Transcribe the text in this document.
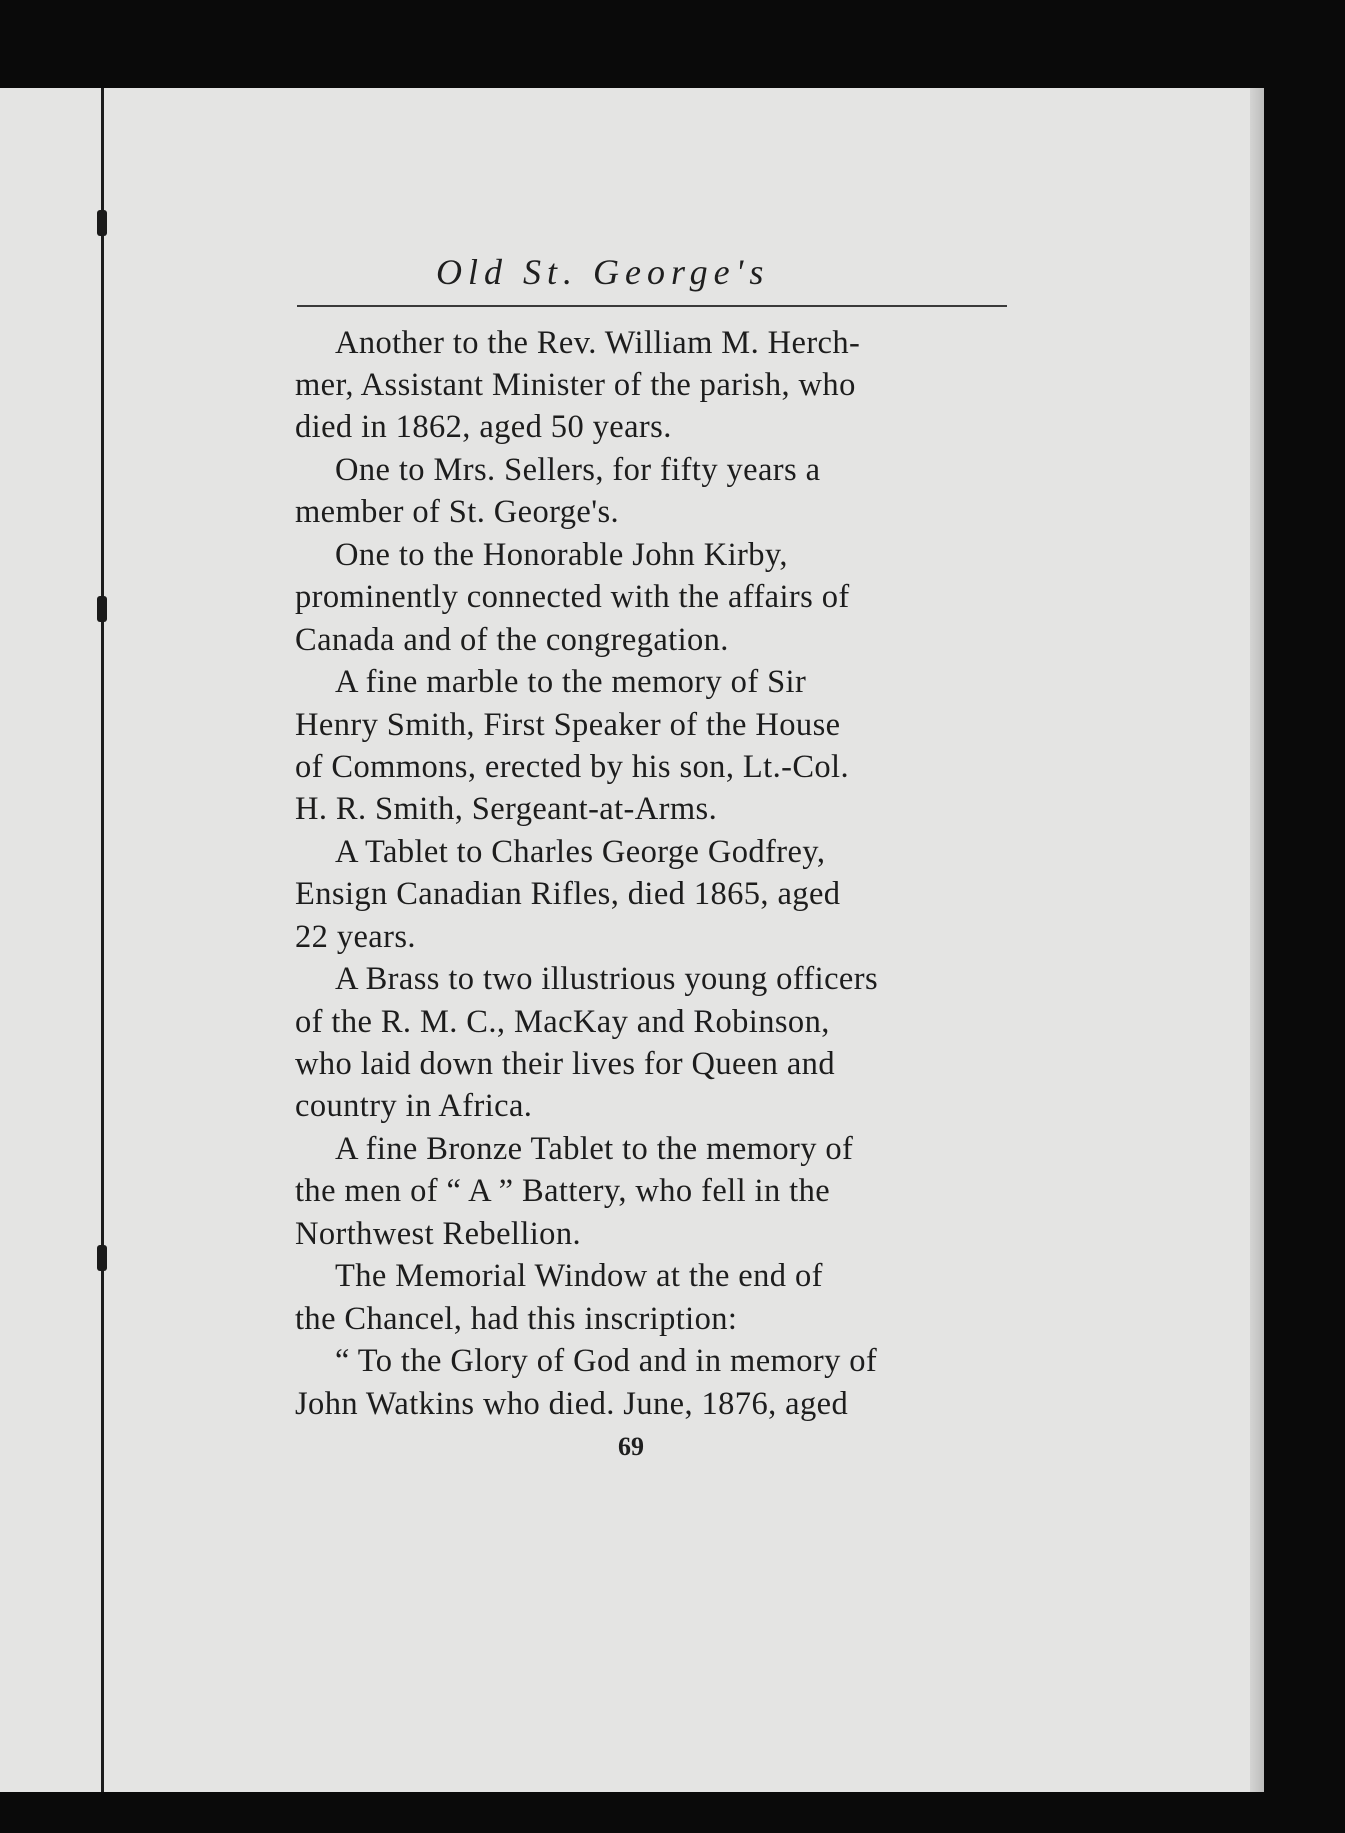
Old St. George's
Another to the Rev. William M. Herch-
mer, Assistant Minister of the parish, who
died in 1862, aged 50 years.
One to Mrs. Sellers, for fifty years a
member of St. George's.
One to the Honorable John Kirby,
prominently connected with the affairs of
Canada and of the congregation.
A fine marble to the memory of Sir
Henry Smith, First Speaker of the House
of Commons, erected by his son, Lt.-Col.
H. R. Smith, Sergeant-at-Arms.
A Tablet to Charles George Godfrey,
Ensign Canadian Rifles, died 1865, aged
22 years.
A Brass to two illustrious young officers
of the R. M. C., MacKay and Robinson,
who laid down their lives for Queen and
country in Africa.
A fine Bronze Tablet to the memory of
the men of “ A ” Battery, who fell in the
Northwest Rebellion.
The Memorial Window at the end of
the Chancel, had this inscription:
“ To the Glory of God and in memory of
John Watkins who died. June, 1876, aged
69
